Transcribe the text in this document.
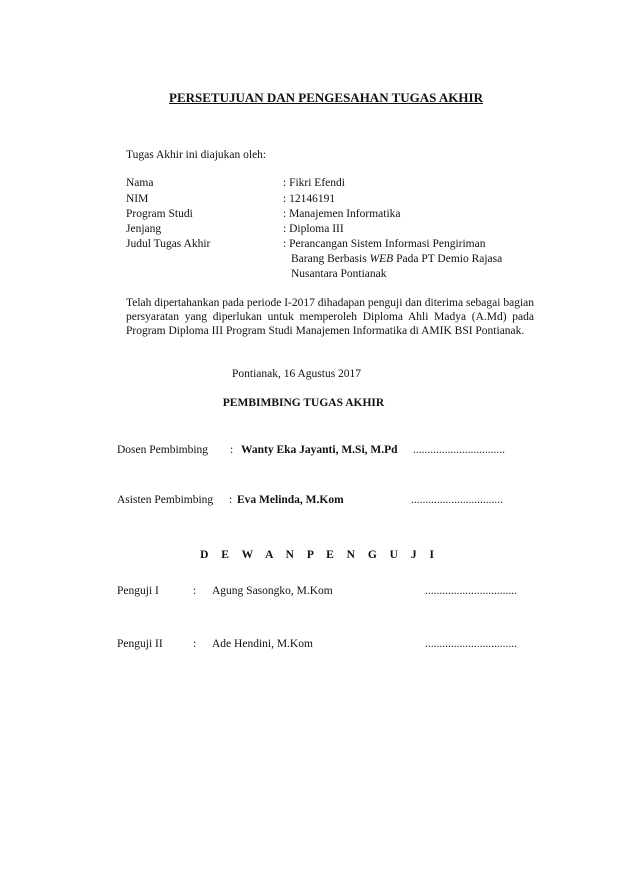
PERSETUJUAN DAN PENGESAHAN TUGAS AKHIR
Tugas Akhir ini diajukan oleh:
Nama	: Fikri Efendi
NIM	: 12146191
Program Studi	: Manajemen Informatika
Jenjang	: Diploma III
Judul Tugas Akhir	: Perancangan Sistem Informasi Pengiriman
Barang Berbasis WEB Pada PT Demio Rajasa
Nusantara Pontianak
Telah dipertahankan pada periode I-2017 dihadapan penguji dan diterima sebagai bagian persyaratan yang diperlukan untuk memperoleh Diploma Ahli Madya (A.Md) pada Program Diploma III Program Studi Manajemen Informatika di AMIK BSI Pontianak.
Pontianak, 16 Agustus 2017
PEMBIMBING TUGAS AKHIR
Dosen Pembimbing : Wanty Eka Jayanti, M.Si, M.Pd ................................
Asisten Pembimbing : Eva Melinda, M.Kom	................................
D E W A N P E N G U J I
Penguji I	: Agung Sasongko, M.Kom	................................
Penguji II	: Ade Hendini, M.Kom	................................
